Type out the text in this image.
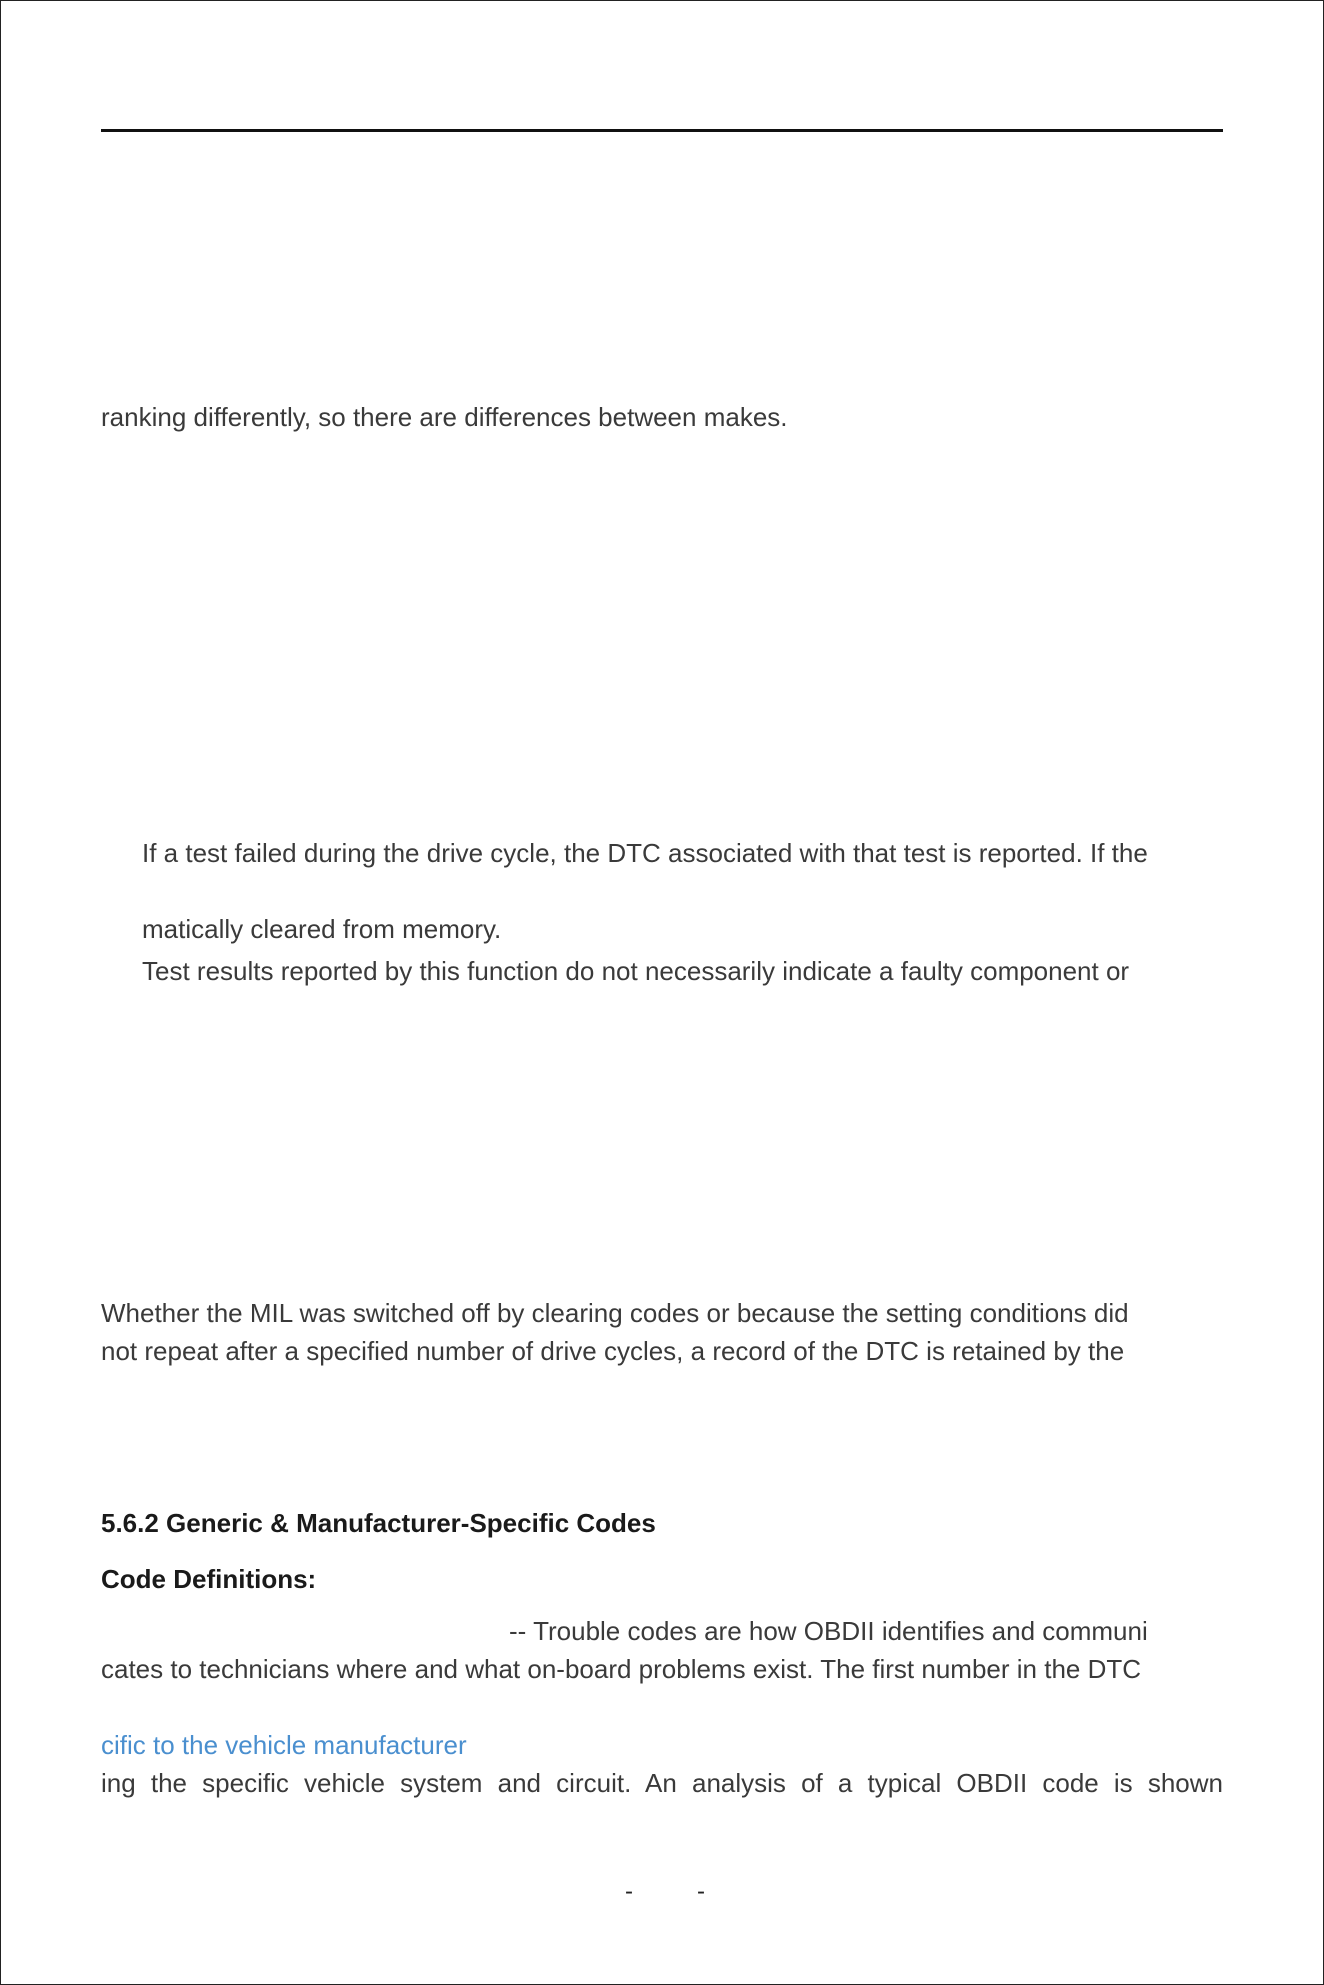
ranking differently, so there are differences between makes.
If a test failed during the drive cycle, the DTC associated with that test is reported. If the
matically cleared from memory.
Test results reported by this function do not necessarily indicate a faulty component or
Whether the MIL was switched off by clearing codes or because the setting conditions did
not repeat after a specified number of drive cycles, a record of the DTC is retained by the
5.6.2 Generic & Manufacturer-Specific Codes
Code Definitions:
-- Trouble codes are how OBDII identifies and communi
cates to technicians where and what on-board problems exist. The first number in the DTC
cific to the vehicle manufacturer
ing the specific vehicle system and circuit. An analysis of a typical OBDII code is shown
-	-
